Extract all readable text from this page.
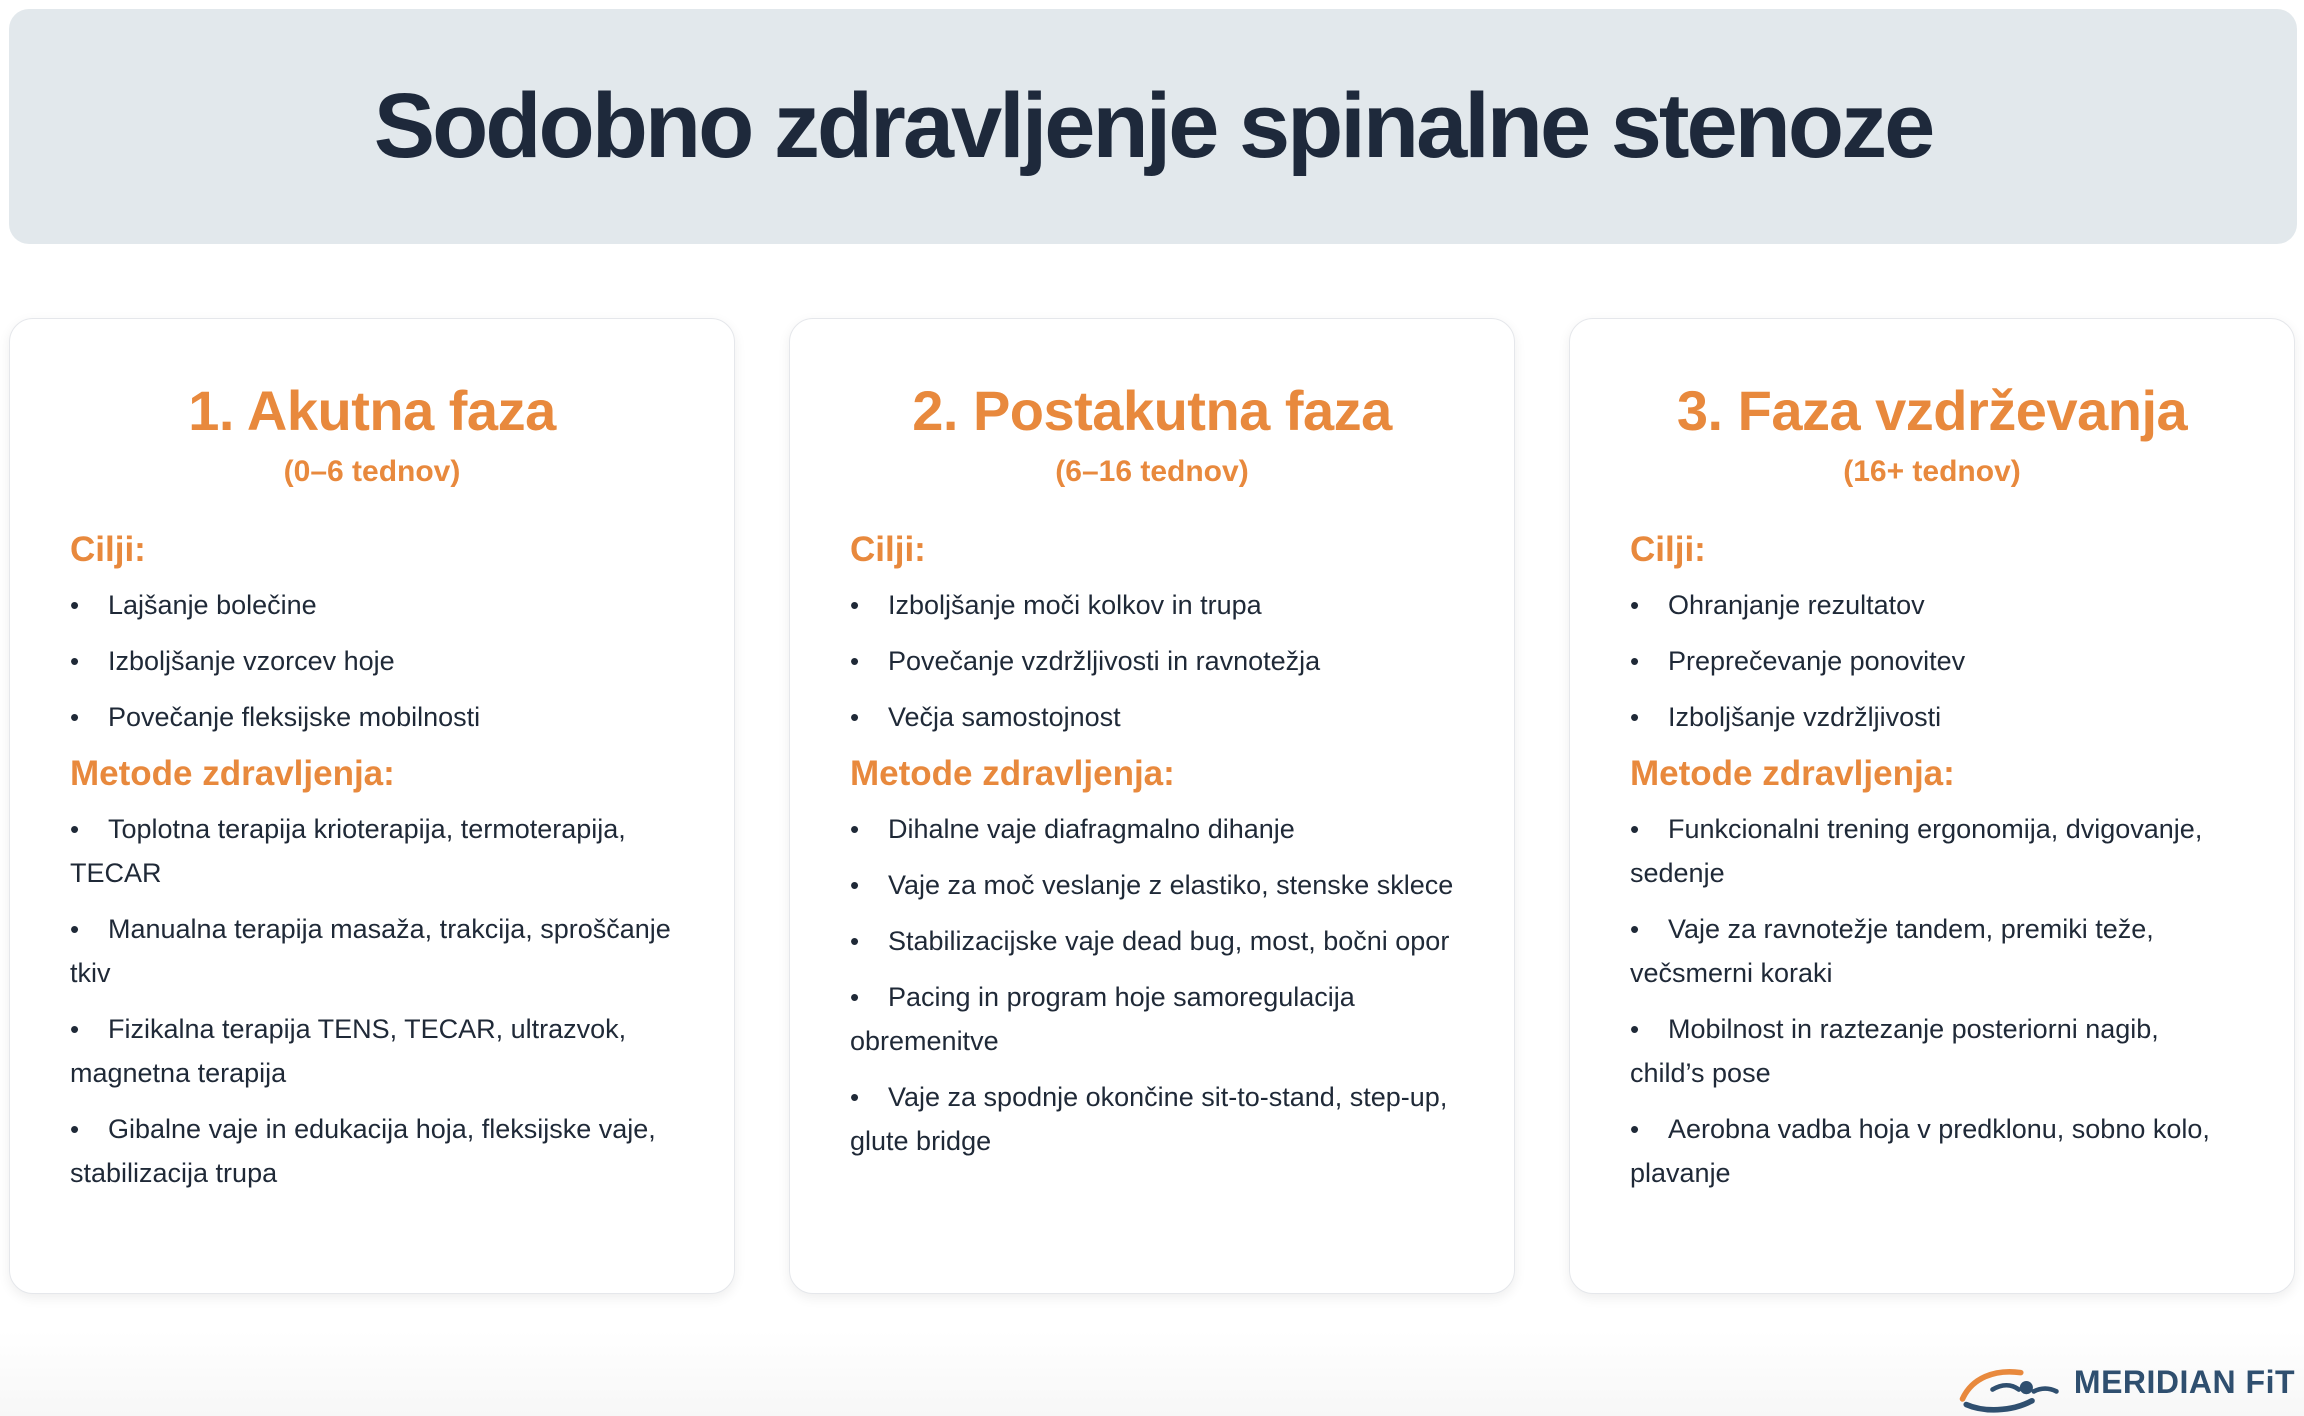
Sodobno zdravljenje spinalne stenoze
1. Akutna faza
(0–6 tednov)
Cilji:
• Lajšanje bolečine
• Izboljšanje vzorcev hoje
• Povečanje fleksijske mobilnosti
Metode zdravljenja:
• Toplotna terapija krioterapija, termoterapija, TECAR
• Manualna terapija masaža, trakcija, sproščanje tkiv
• Fizikalna terapija TENS, TECAR, ultrazvok, magnetna terapija
• Gibalne vaje in edukacija hoja, fleksijske vaje, stabilizacija trupa
2. Postakutna faza
(6–16 tednov)
Cilji:
• Izboljšanje moči kolkov in trupa
• Povečanje vzdržljivosti in ravnotežja
• Večja samostojnost
Metode zdravljenja:
• Dihalne vaje diafragmalno dihanje
• Vaje za moč veslanje z elastiko, stenske sklece
• Stabilizacijske vaje dead bug, most, bočni opor
• Pacing in program hoje samoregulacija obremenitve
• Vaje za spodnje okončine sit-to-stand, step-up, glute bridge
3. Faza vzdrževanja
(16+ tednov)
Cilji:
• Ohranjanje rezultatov
• Preprečevanje ponovitev
• Izboljšanje vzdržljivosti
Metode zdravljenja:
• Funkcionalni trening ergonomija, dvigovanje, sedenje
• Vaje za ravnotežje tandem, premiki teže, večsmerni koraki
• Mobilnost in raztezanje posteriorni nagib, child’s pose
• Aerobna vadba hoja v predklonu, sobno kolo, plavanje
MERIDIAN FiT
